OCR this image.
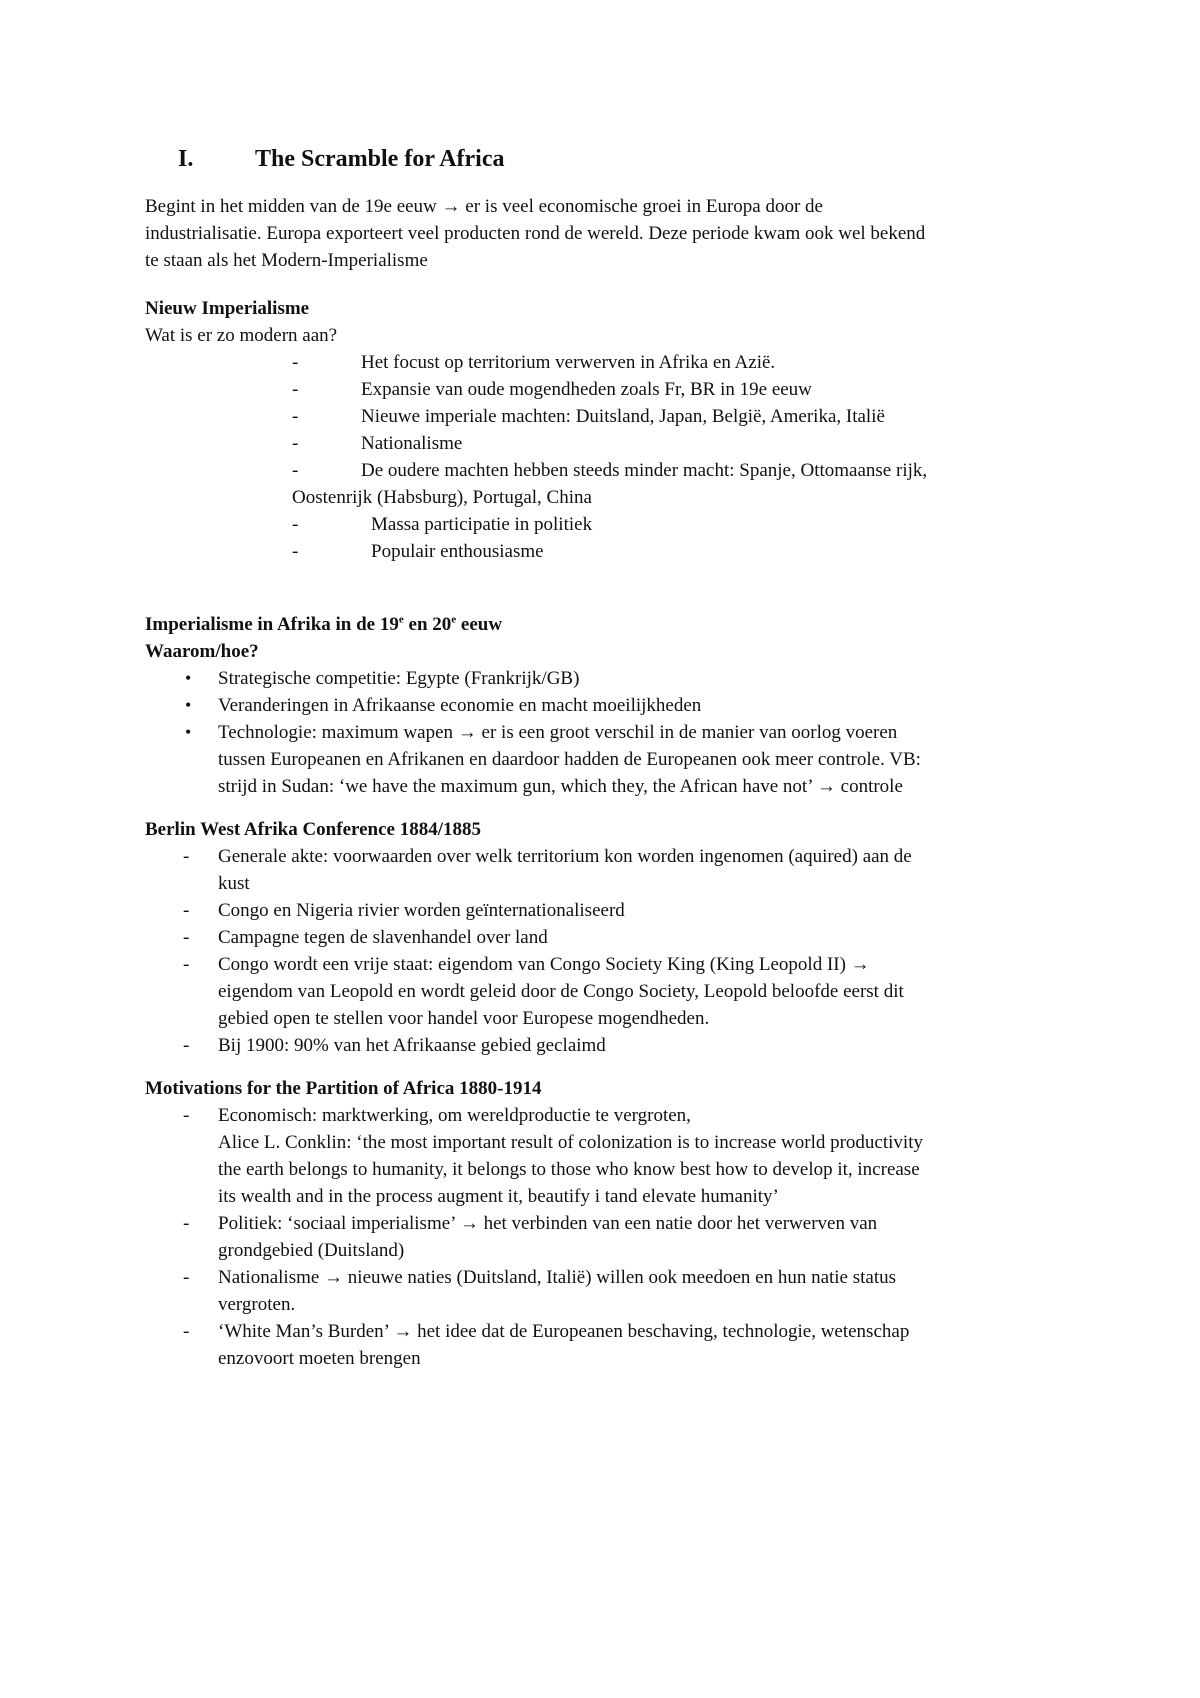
I.	The Scramble for Africa

Begint in het midden van de 19e eeuw → er is veel economische groei in Europa door de

industrialisatie. Europa exporteert veel producten rond de wereld. Deze periode kwam ook wel bekend

te staan als het Modern-Imperialisme

Nieuw Imperialisme

Wat is er zo modern aan?

-	Het focust op territorium verwerven in Afrika en Azië.
-	Expansie van oude mogendheden zoals Fr, BR in 19e eeuw
-	Nieuwe imperiale machten: Duitsland, Japan, België, Amerika, Italië
-	Nationalisme
-	De oudere machten hebben steeds minder macht: Spanje, Ottomaanse rijk,
Oostenrijk (Habsburg), Portugal, China
-	Massa participatie in politiek
-	Populair enthousiasme

Imperialisme in Afrika in de 19e en 20e eeuw

Waarom/hoe?

• Strategische competitie: Egypte (Frankrijk/GB)
• Veranderingen in Afrikaanse economie en macht moeilijkheden
• Technologie: maximum wapen → er is een groot verschil in de manier van oorlog voeren
tussen Europeanen en Afrikanen en daardoor hadden de Europeanen ook meer controle. VB:
strijd in Sudan: ‘we have the maximum gun, which they, the African have not’ → controle

Berlin West Afrika Conference 1884/1885

- Generale akte: voorwaarden over welk territorium kon worden ingenomen (aquired) aan de
kust
- Congo en Nigeria rivier worden geïnternationaliseerd
- Campagne tegen de slavenhandel over land
- Congo wordt een vrije staat: eigendom van Congo Society King (King Leopold II) →
eigendom van Leopold en wordt geleid door de Congo Society, Leopold beloofde eerst dit
gebied open te stellen voor handel voor Europese mogendheden.
- Bij 1900: 90% van het Afrikaanse gebied geclaimd

Motivations for the Partition of Africa 1880-1914

- Economisch: marktwerking, om wereldproductie te vergroten,
Alice L. Conklin: ‘the most important result of colonization is to increase world productivity
the earth belongs to humanity, it belongs to those who know best how to develop it, increase
its wealth and in the process augment it, beautify i tand elevate humanity’
- Politiek: ‘sociaal imperialisme’ → het verbinden van een natie door het verwerven van
grondgebied (Duitsland)
- Nationalisme → nieuwe naties (Duitsland, Italië) willen ook meedoen en hun natie status
vergroten.
- ‘White Man’s Burden’ → het idee dat de Europeanen beschaving, technologie, wetenschap
enzovoort moeten brengen
